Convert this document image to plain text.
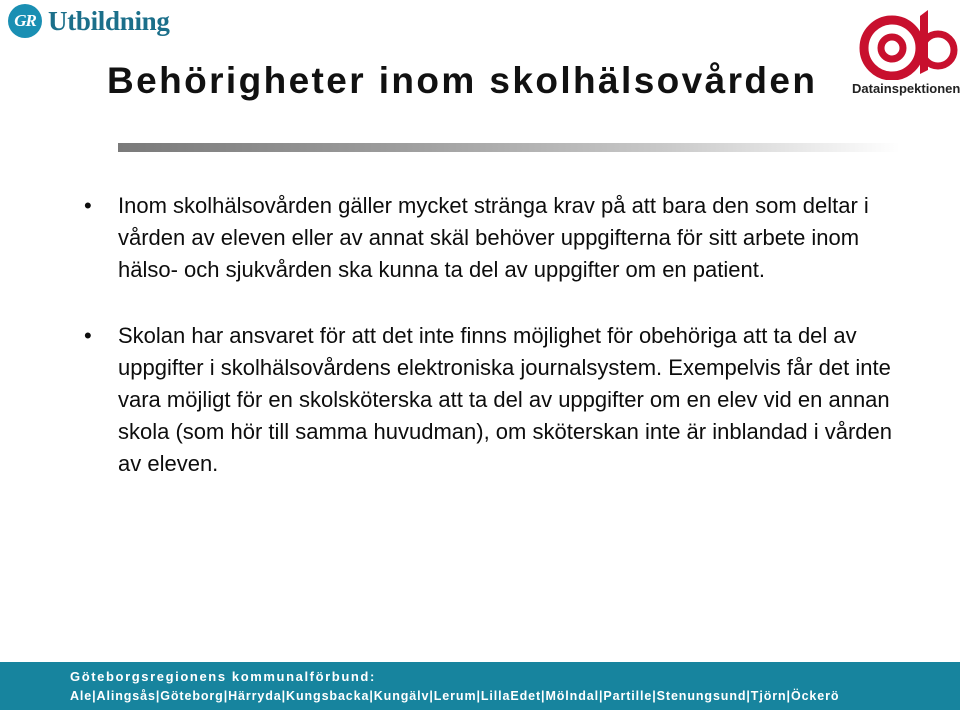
GR Utbildning
Datainspektionen
Behörigheter inom skolhälsovården
• Inom skolhälsovården gäller mycket stränga krav på att bara den som deltar i vården av eleven eller av annat skäl behöver uppgifterna för sitt arbete inom hälso- och sjukvården ska kunna ta del av uppgifter om en patient.
• Skolan har ansvaret för att det inte finns möjlighet för obehöriga att ta del av uppgifter i skolhälsovårdens elektroniska journalsystem. Exempelvis får det inte vara möjligt för en skolsköterska att ta del av uppgifter om en elev vid en annan skola (som hör till samma huvudman), om sköterskan inte är inblandad i vården av eleven.
Göteborgsregionens kommunalförbund:
Ale|Alingsås|Göteborg|Härryda|Kungsbacka|Kungälv|Lerum|LillaEdet|Mölndal|Partille|Stenungsund|Tjörn|Öckerö
